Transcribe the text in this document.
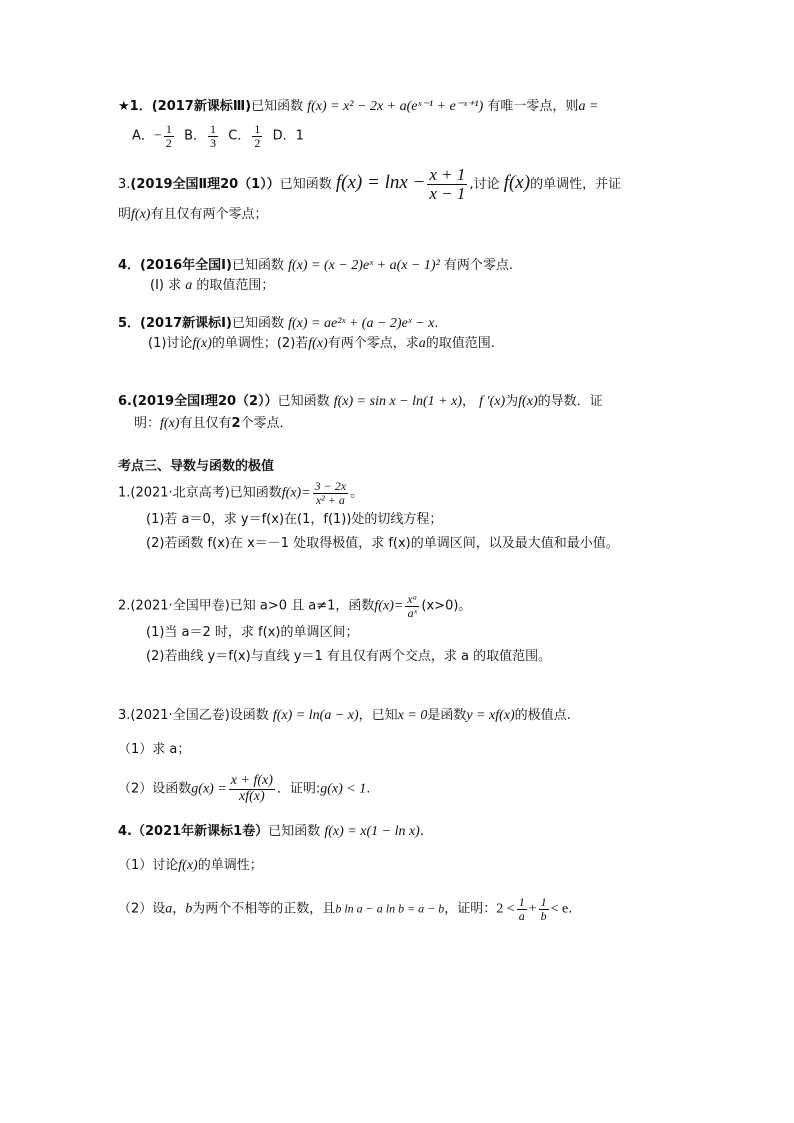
★1．(2017新课标Ⅲ)已知函数 f(x) = x² − 2x + a(eˣ⁻¹ + e⁻ˣ⁺¹) 有唯一零点，则a =
A．− $\frac{1}{2}$ B． $\frac{1}{3}$ C． $\frac{1}{2}$ D．1
3.(2019全国Ⅱ理20（1））已知函数 $f(x) = \ln x - \frac{x + 1}{x - 1}$ ,讨论 f(x)的单调性，并证
明f(x)有且仅有两个零点；
4．(2016年全国Ⅰ)已知函数 f(x) = (x − 2)eˣ + a(x − 1)² 有两个零点.
(Ⅰ) 求 a 的取值范围；
5．(2017新课标Ⅰ)已知函数 f(x) = ae²ˣ + (a − 2)eˣ − x.
(1)讨论f(x)的单调性；(2)若f(x)有两个零点，求a的取值范围.
6.(2019全国Ⅰ理20（2））已知函数 f(x) = sin x − ln(1 + x)， f ′(x)为f(x)的导数．证
明：f(x)有且仅有2个零点．
考点三、导数与函数的极值
1.(2021·北京高考)已知函数$f(x)= \frac{3 - 2x}{\text{x² + a}}$ 。
(1)若 a＝0，求 y＝f(x)在(1，f(1))处的切线方程；
(2)若函数 f(x)在 x＝－1 处取得极值，求 f(x)的单调区间，以及最大值和最小值。
2.(2021·全国甲卷)已知 a>0 且 a≠1，函数$f(x)= \frac{\text{xᵃ}}{\text{aˣ}} (x>0)$。
(1)当 a＝2 时，求 f(x)的单调区间；
(2)若曲线 y＝f(x)与直线 y＝1 有且仅有两个交点，求 a 的取值范围。
3.(2021·全国乙卷)设函数 f(x) = ln(a − x)，已知x = 0是函数y = xf(x)的极值点.
（1）求 a；
（2）设函数$g(x) = \frac{x + f(x)}{xf(x)}$ ．证明:g(x) < 1.
4.（2021年新课标1卷）已知函数 f(x) = x(1 − ln x).
（1）讨论f(x)的单调性；
（2）设a，b为两个不相等的正数，且b ln a − a ln b = a − b，证明：$2 < \frac{1}{a} + \frac{1}{b} < e$.
